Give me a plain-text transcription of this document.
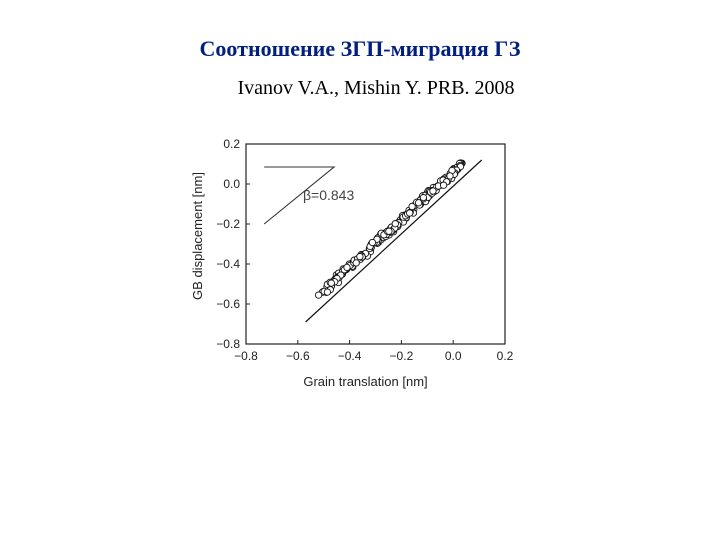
Соотношение ЗГП-миграция ГЗ
Ivanov V.A., Mishin Y. PRB. 2008
−0.8 −0.6 −0.4 −0.2	0.0	0.2
0.2
0.0
−0.2
−0.4
−0.6
−0.8
Grain translation [nm]
GB displacement [nm]	β=0.843
